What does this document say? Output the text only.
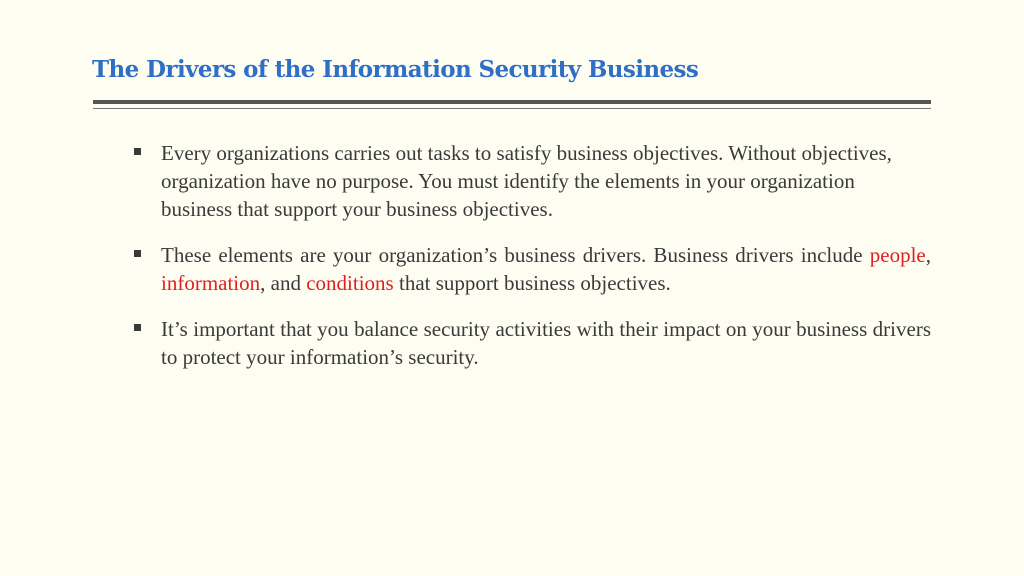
The Drivers of the Information Security Business
Every organizations carries out tasks to satisfy business objectives. Without objectives, organization have no purpose. You must identify the elements in your organization business that support your business objectives.
These elements are your organization’s business drivers. Business drivers include people, information, and conditions that support business objectives.
It’s important that you balance security activities with their impact on your business drivers to protect your information’s security.
